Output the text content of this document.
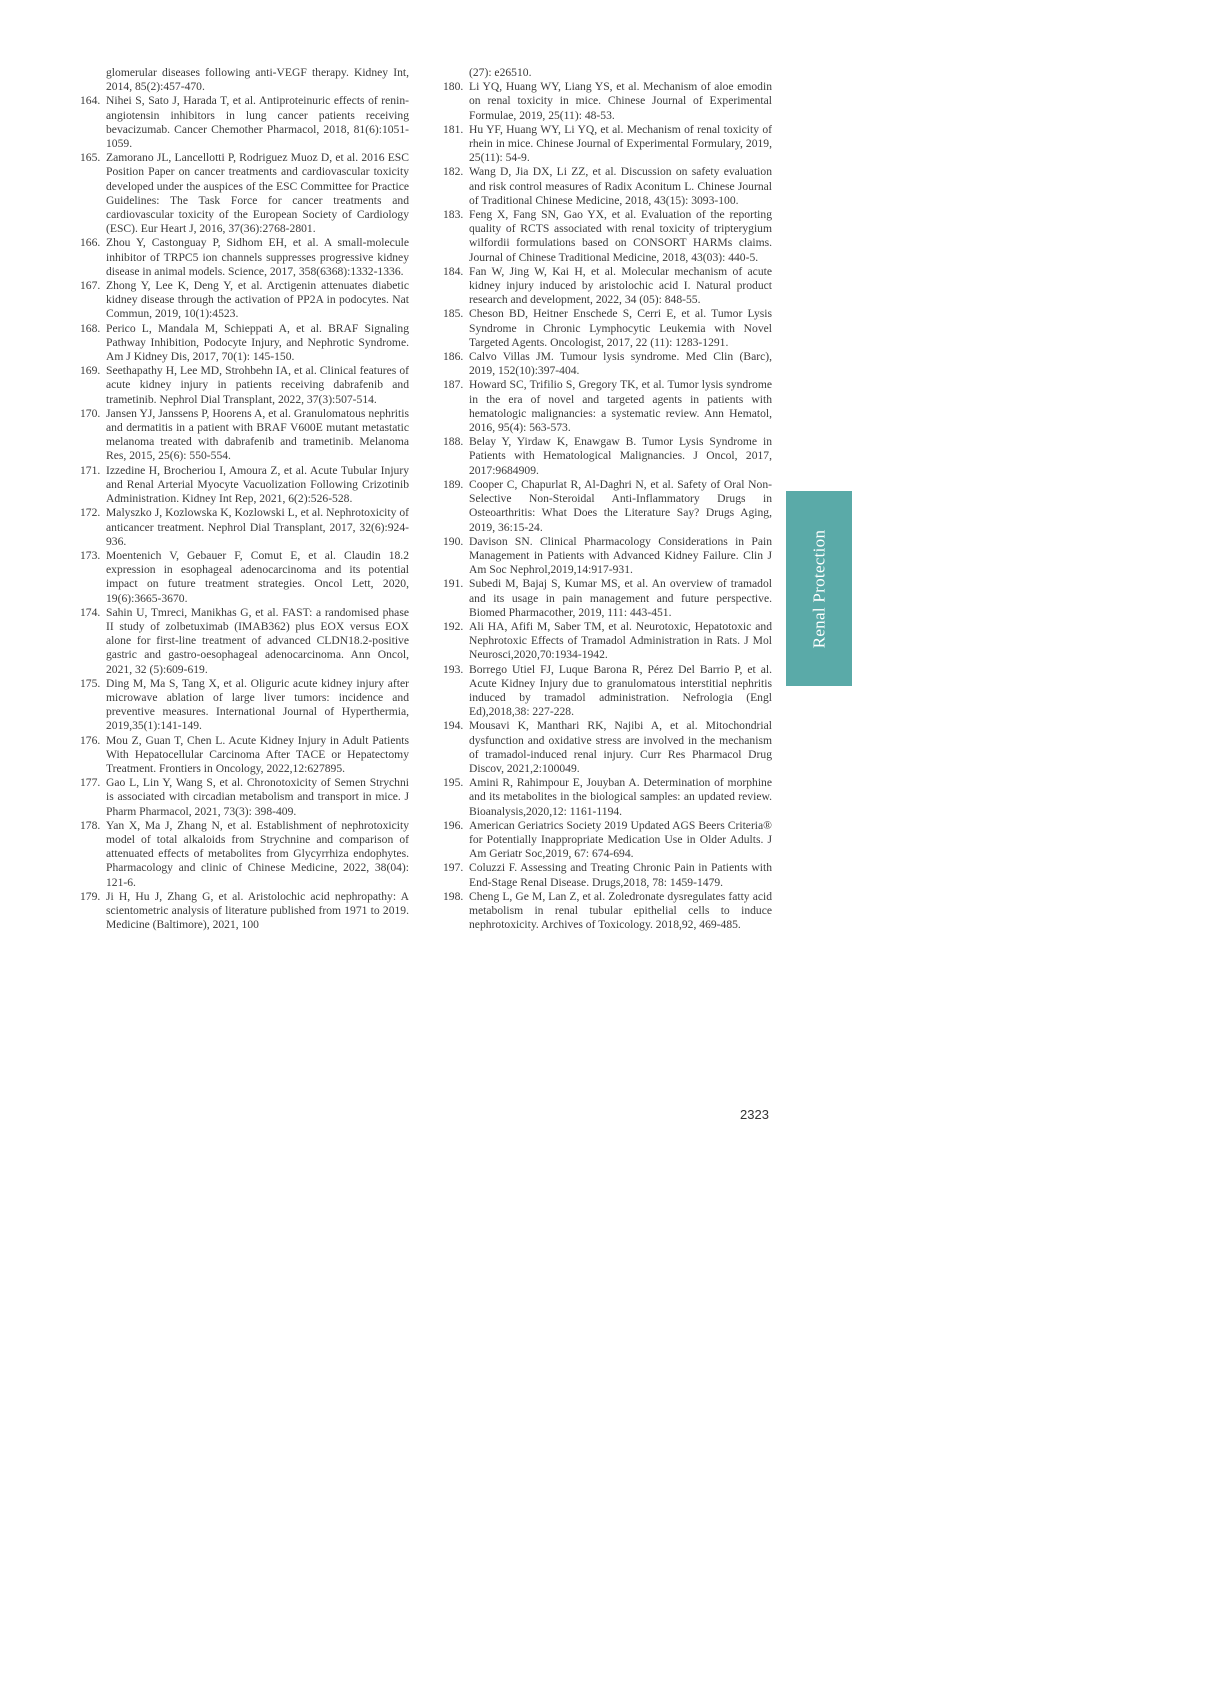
glomerular diseases following anti-VEGF therapy. Kidney Int, 2014, 85(2):457-470.

164. Nihei S, Sato J, Harada T, et al. Antiproteinuric effects of renin-angiotensin inhibitors in lung cancer patients receiving bevacizumab. Cancer Chemother Pharmacol, 2018, 81(6):1051-1059.
165. Zamorano JL, Lancellotti P, Rodriguez Muoz D, et al. 2016 ESC Position Paper on cancer treatments and cardiovascular toxicity developed under the auspices of the ESC Committee for Practice Guidelines: The Task Force for cancer treatments and cardiovascular toxicity of the European Society of Cardiology (ESC). Eur Heart J, 2016, 37(36):2768-2801.
166. Zhou Y, Castonguay P, Sidhom EH, et al. A small-molecule inhibitor of TRPC5 ion channels suppresses progressive kidney disease in animal models. Science, 2017, 358(6368):1332-1336.
167. Zhong Y, Lee K, Deng Y, et al. Arctigenin attenuates diabetic kidney disease through the activation of PP2A in podocytes. Nat Commun, 2019, 10(1):4523.
168. Perico L, Mandala M, Schieppati A, et al. BRAF Signaling Pathway Inhibition, Podocyte Injury, and Nephrotic Syndrome. Am J Kidney Dis, 2017, 70(1): 145-150.
169. Seethapathy H, Lee MD, Strohbehn IA, et al. Clinical features of acute kidney injury in patients receiving dabrafenib and trametinib. Nephrol Dial Transplant, 2022, 37(3):507-514.
170. Jansen YJ, Janssens P, Hoorens A, et al. Granulomatous nephritis and dermatitis in a patient with BRAF V600E mutant metastatic melanoma treated with dabrafenib and trametinib. Melanoma Res, 2015, 25(6): 550-554.
171. Izzedine H, Brocheriou I, Amoura Z, et al. Acute Tubular Injury and Renal Arterial Myocyte Vacuolization Following Crizotinib Administration. Kidney Int Rep, 2021, 6(2):526-528.
172. Malyszko J, Kozlowska K, Kozlowski L, et al. Nephrotoxicity of anticancer treatment. Nephrol Dial Transplant, 2017, 32(6):924-936.
173. Moentenich V, Gebauer F, Comut E, et al. Claudin 18.2 expression in esophageal adenocarcinoma and its potential impact on future treatment strategies. Oncol Lett, 2020, 19(6):3665-3670.
174. Sahin U, Tmreci, Manikhas G, et al. FAST: a randomised phase II study of zolbetuximab (IMAB362) plus EOX versus EOX alone for first-line treatment of advanced CLDN18.2-positive gastric and gastro-oesophageal adenocarcinoma. Ann Oncol, 2021, 32 (5):609-619.
175. Ding M, Ma S, Tang X, et al. Oliguric acute kidney injury after microwave ablation of large liver tumors: incidence and preventive measures. International Journal of Hyperthermia, 2019,35(1):141-149.
176. Mou Z, Guan T, Chen L. Acute Kidney Injury in Adult Patients With Hepatocellular Carcinoma After TACE or Hepatectomy Treatment. Frontiers in Oncology, 2022,12:627895.
177. Gao L, Lin Y, Wang S, et al. Chronotoxicity of Semen Strychni is associated with circadian metabolism and transport in mice. J Pharm Pharmacol, 2021, 73(3): 398-409.
178. Yan X, Ma J, Zhang N, et al. Establishment of nephrotoxicity model of total alkaloids from Strychnine and comparison of attenuated effects of metabolites from Glycyrrhiza endophytes. Pharmacology and clinic of Chinese Medicine, 2022, 38(04): 121-6.
179. Ji H, Hu J, Zhang G, et al. Aristolochic acid nephropathy: A scientometric analysis of literature published from 1971 to 2019. Medicine (Baltimore), 2021, 100

(27): e26510.

180. Li YQ, Huang WY, Liang YS, et al. Mechanism of aloe emodin on renal toxicity in mice. Chinese Journal of Experimental Formulae, 2019, 25(11): 48-53.
181. Hu YF, Huang WY, Li YQ, et al. Mechanism of renal toxicity of rhein in mice. Chinese Journal of Experimental Formulary, 2019, 25(11): 54-9.
182. Wang D, Jia DX, Li ZZ, et al. Discussion on safety evaluation and risk control measures of Radix Aconitum L. Chinese Journal of Traditional Chinese Medicine, 2018, 43(15): 3093-100.
183. Feng X, Fang SN, Gao YX, et al. Evaluation of the reporting quality of RCTS associated with renal toxicity of tripterygium wilfordii formulations based on CONSORT HARMs claims. Journal of Chinese Traditional Medicine, 2018, 43(03): 440-5.
184. Fan W, Jing W, Kai H, et al. Molecular mechanism of acute kidney injury induced by aristolochic acid I. Natural product research and development, 2022, 34 (05): 848-55.
185. Cheson BD, Heitner Enschede S, Cerri E, et al. Tumor Lysis Syndrome in Chronic Lymphocytic Leukemia with Novel Targeted Agents. Oncologist, 2017, 22 (11): 1283-1291.
186. Calvo Villas JM. Tumour lysis syndrome. Med Clin (Barc), 2019, 152(10):397-404.
187. Howard SC, Trifilio S, Gregory TK, et al. Tumor lysis syndrome in the era of novel and targeted agents in patients with hematologic malignancies: a systematic review. Ann Hematol, 2016, 95(4): 563-573.
188. Belay Y, Yirdaw K, Enawgaw B. Tumor Lysis Syndrome in Patients with Hematological Malignancies. J Oncol, 2017, 2017:9684909.
189. Cooper C, Chapurlat R, Al-Daghri N, et al. Safety of Oral Non-Selective Non-Steroidal Anti-Inflammatory Drugs in Osteoarthritis: What Does the Literature Say? Drugs Aging, 2019, 36:15-24.
190. Davison SN. Clinical Pharmacology Considerations in Pain Management in Patients with Advanced Kidney Failure. Clin J Am Soc Nephrol,2019,14:917-931.
191. Subedi M, Bajaj S, Kumar MS, et al. An overview of tramadol and its usage in pain management and future perspective. Biomed Pharmacother, 2019, 111: 443-451.
192. Ali HA, Afifi M, Saber TM, et al. Neurotoxic, Hepatotoxic and Nephrotoxic Effects of Tramadol Administration in Rats. J Mol Neurosci,2020,70:1934-1942.
193. Borrego Utiel FJ, Luque Barona R, Pérez Del Barrio P, et al. Acute Kidney Injury due to granulomatous interstitial nephritis induced by tramadol administration. Nefrologia (Engl Ed),2018,38: 227-228.
194. Mousavi K, Manthari RK, Najibi A, et al. Mitochondrial dysfunction and oxidative stress are involved in the mechanism of tramadol-induced renal injury. Curr Res Pharmacol Drug Discov, 2021,2:100049.
195. Amini R, Rahimpour E, Jouyban A. Determination of morphine and its metabolites in the biological samples: an updated review. Bioanalysis,2020,12: 1161-1194.
196. American Geriatrics Society 2019 Updated AGS Beers Criteria® for Potentially Inappropriate Medication Use in Older Adults. J Am Geriatr Soc,2019, 67: 674-694.
197. Coluzzi F. Assessing and Treating Chronic Pain in Patients with End-Stage Renal Disease. Drugs,2018, 78: 1459-1479.
198. Cheng L, Ge M, Lan Z, et al. Zoledronate dysregulates fatty acid metabolism in renal tubular epithelial cells to induce nephrotoxicity. Archives of Toxicology. 2018,92, 469-485.
Renal Protection
2323
